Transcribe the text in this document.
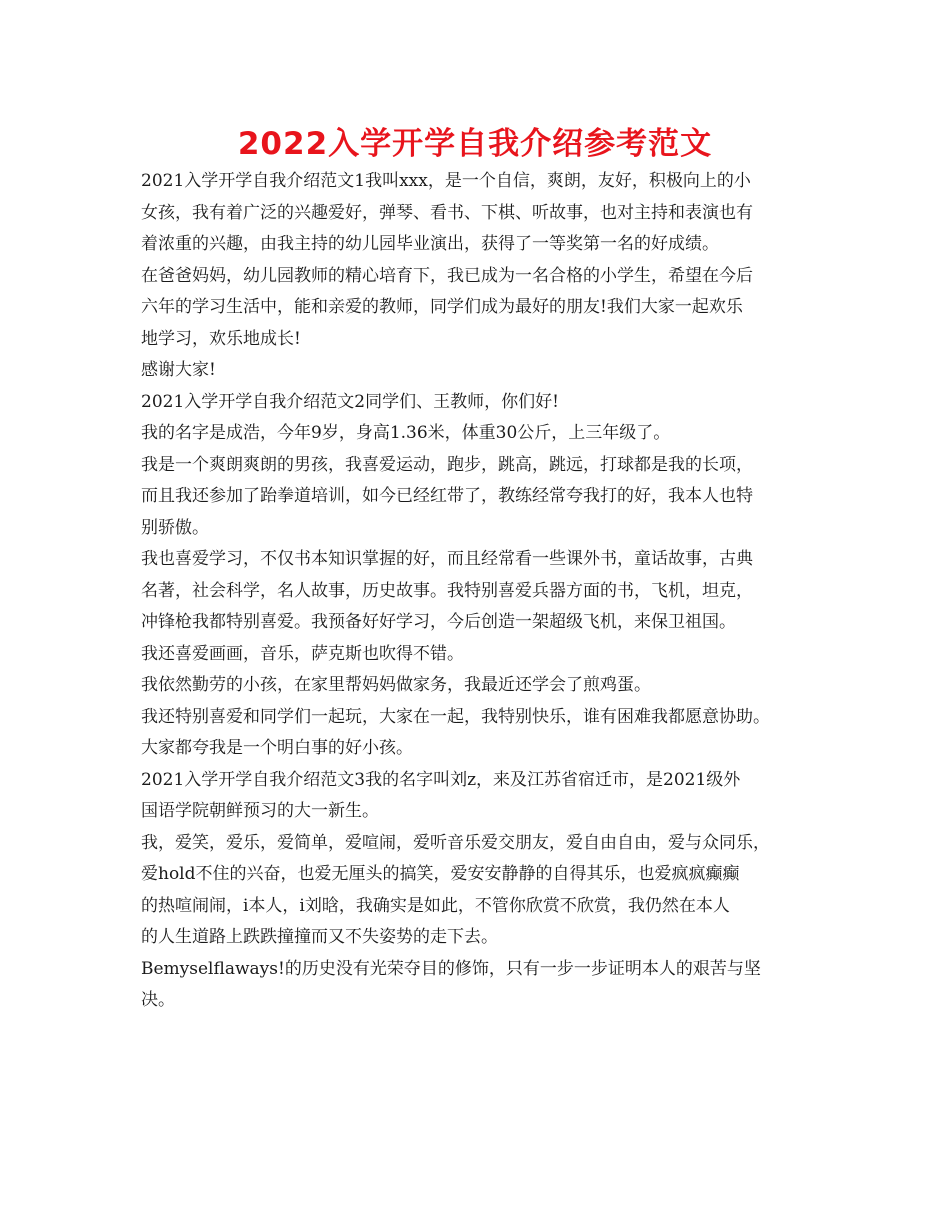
2022入学开学自我介绍参考范文
2021入学开学自我介绍范文1我叫xxx，是一个自信，爽朗，友好，积极向上的小
女孩，我有着广泛的兴趣爱好，弹琴、看书、下棋、听故事，也对主持和表演也有
着浓重的兴趣，由我主持的幼儿园毕业演出，获得了一等奖第一名的好成绩。
在爸爸妈妈，幼儿园教师的精心培育下，我已成为一名合格的小学生，希望在今后
六年的学习生活中，能和亲爱的教师，同学们成为最好的朋友!我们大家一起欢乐
地学习，欢乐地成长!
感谢大家!
2021入学开学自我介绍范文2同学们、王教师，你们好!
我的名字是成浩，今年9岁，身高1.36米，体重30公斤，上三年级了。
我是一个爽朗爽朗的男孩，我喜爱运动，跑步，跳高，跳远，打球都是我的长项，
而且我还参加了跆拳道培训，如今已经红带了，教练经常夸我打的好，我本人也特
别骄傲。
我也喜爱学习，不仅书本知识掌握的好，而且经常看一些课外书，童话故事，古典
名著，社会科学，名人故事，历史故事。我特别喜爱兵器方面的书，飞机，坦克，
冲锋枪我都特别喜爱。我预备好好学习，今后创造一架超级飞机，来保卫祖国。
我还喜爱画画，音乐，萨克斯也吹得不错。
我依然勤劳的小孩，在家里帮妈妈做家务，我最近还学会了煎鸡蛋。
我还特别喜爱和同学们一起玩，大家在一起，我特别快乐，谁有困难我都愿意协助。
大家都夸我是一个明白事的好小孩。
2021入学开学自我介绍范文3我的名字叫刘z，来及江苏省宿迁市，是2021级外
国语学院朝鲜预习的大一新生。
我，爱笑，爱乐，爱简单，爱喧闹，爱听音乐爱交朋友，爱自由自由，爱与众同乐，
爱hold不住的兴奋，也爱无厘头的搞笑，爱安安静静的自得其乐，也爱疯疯癫癫
的热喧闹闹，i本人，i刘晗，我确实是如此，不管你欣赏不欣赏，我仍然在本人
的人生道路上跌跌撞撞而又不失姿势的走下去。
Bemyselflaways!的历史没有光荣夺目的修饰，只有一步一步证明本人的艰苦与坚
决。
